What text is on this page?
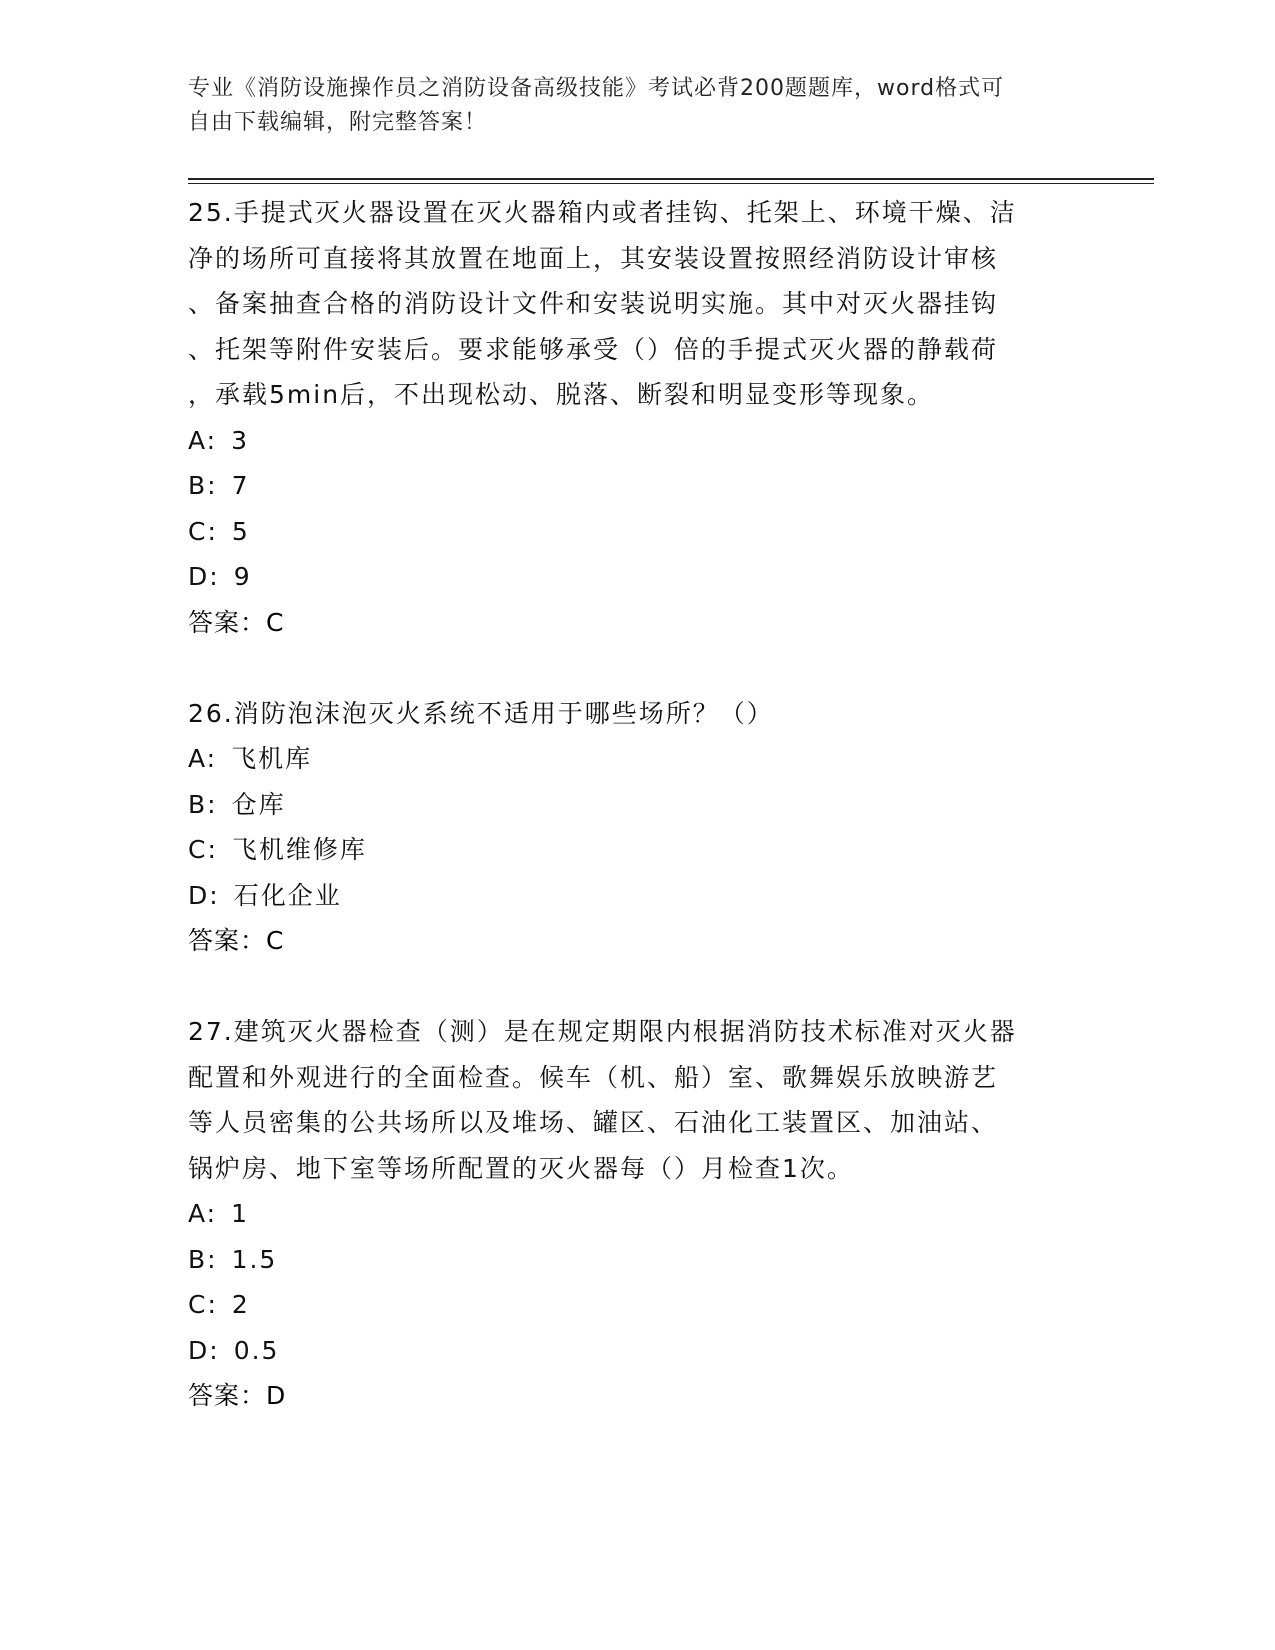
专业《消防设施操作员之消防设备高级技能》考试必背200题题库，word格式可
自由下载编辑，附完整答案！
25.手提式灭火器设置在灭火器箱内或者挂钩、托架上、环境干燥、洁
净的场所可直接将其放置在地面上，其安装设置按照经消防设计审核
、备案抽查合格的消防设计文件和安装说明实施。其中对灭火器挂钩
、托架等附件安装后。要求能够承受（）倍的手提式灭火器的静载荷
，承载5min后，不出现松动、脱落、断裂和明显变形等现象。
A: 3
B: 7
C: 5
D: 9
答案：C
26.消防泡沫泡灭火系统不适用于哪些场所？（）
A: 飞机库
B: 仓库
C: 飞机维修库
D: 石化企业
答案：C
27.建筑灭火器检查（测）是在规定期限内根据消防技术标准对灭火器
配置和外观进行的全面检查。候车（机、船）室、歌舞娱乐放映游艺
等人员密集的公共场所以及堆场、罐区、石油化工装置区、加油站、
锅炉房、地下室等场所配置的灭火器每（）月检查1次。
A: 1
B: 1.5
C: 2
D: 0.5
答案：D
